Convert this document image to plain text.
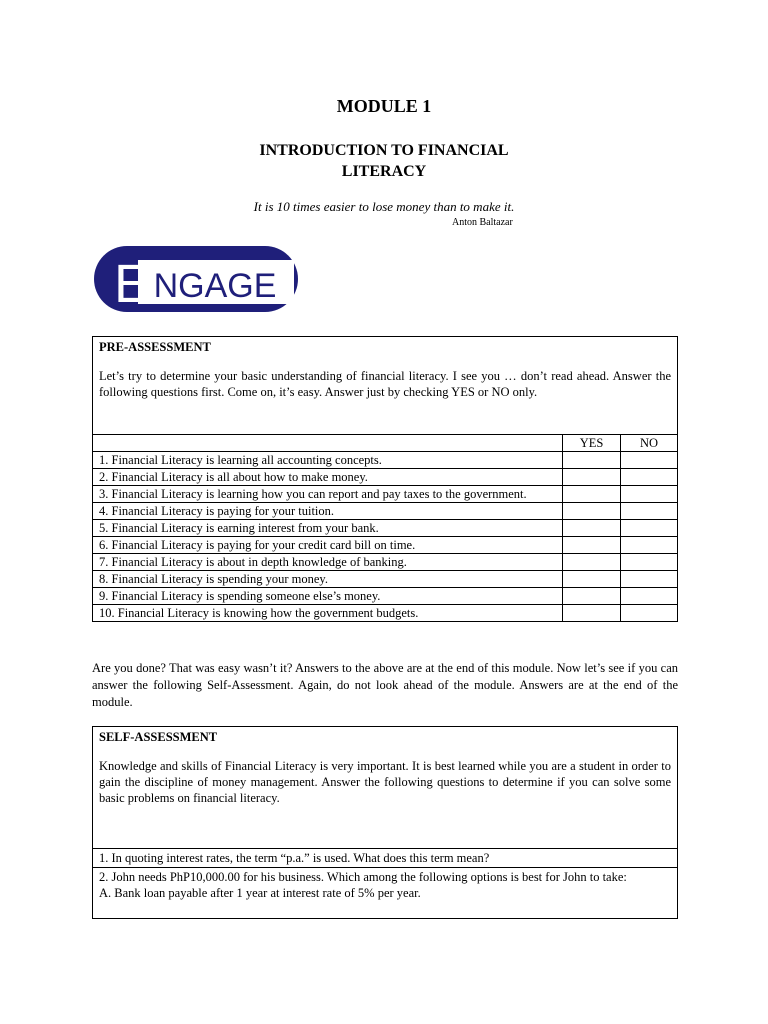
MODULE 1
INTRODUCTION TO FINANCIAL
LITERACY
It is 10 times easier to lose money than to make it.
Anton Baltazar
E NGAGE
PRE-ASSESSMENT

Let’s try to determine your basic understanding of financial literacy. I see you … don’t read ahead. Answer the following questions first. Come on, it’s easy. Answer just by checking YES or NO only.

	YES	NO
1. Financial Literacy is learning all accounting concepts.		
2. Financial Literacy is all about how to make money.		
3. Financial Literacy is learning how you can report and pay taxes to the government.		
4. Financial Literacy is paying for your tuition.		
5. Financial Literacy is earning interest from your bank.		
6. Financial Literacy is paying for your credit card bill on time.		
7. Financial Literacy is about in depth knowledge of banking.		
8. Financial Literacy is spending your money.		
9. Financial Literacy is spending someone else’s money.		
10. Financial Literacy is knowing how the government budgets.		
Are you done? That was easy wasn’t it? Answers to the above are at the end of this module. Now let’s see if you can answer the following Self-Assessment. Again, do not look ahead of the module. Answers are at the end of the module.
SELF-ASSESSMENT

Knowledge and skills of Financial Literacy is very important. It is best learned while you are a student in order to gain the discipline of money management. Answer the following questions to determine if you can solve some basic problems on financial literacy.

1. In quoting interest rates, the term “p.a.” is used. What does this term mean?
2. John needs PhP10,000.00 for his business. Which among the following options is best for John to take:
A. Bank loan payable after 1 year at interest rate of 5% per year.
